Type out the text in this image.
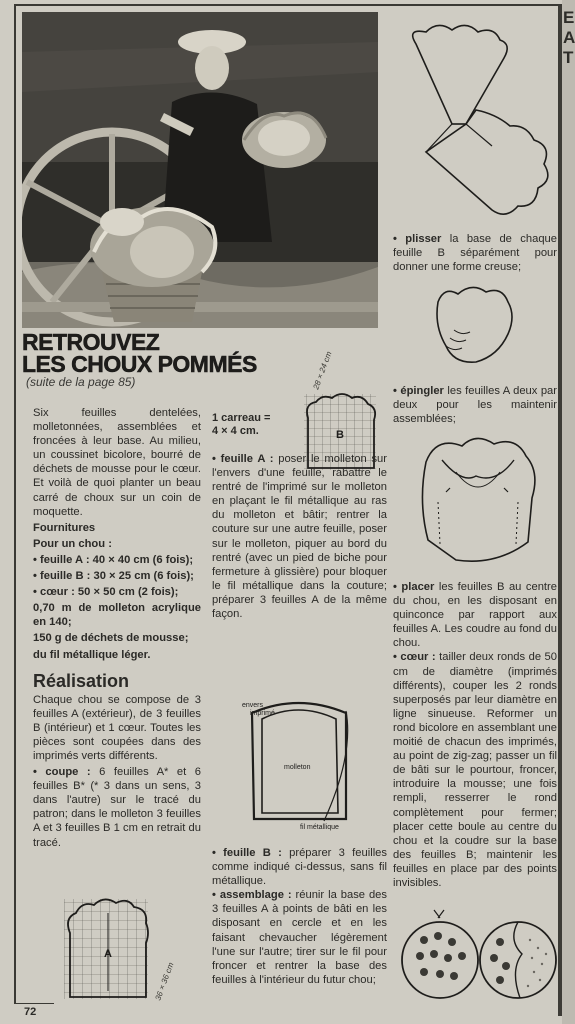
E
A
T
RETROUVEZ
LES CHOUX POMMÉS
(suite de la page 85)

Six feuilles dentelées, molletonnées, assemblées et froncées à leur base. Au milieu, un coussinet bicolore, bourré de déchets de mousse pour le cœur. Et voilà de quoi planter un beau carré de choux sur un coin de moquette.

Fournitures

Pour un chou :

• feuille A : 40 × 40 cm (6 fois);

• feuille B : 30 × 25 cm (6 fois);

• cœur : 50 × 50 cm (2 fois);

0,70 m de molleton acrylique en 140;

150 g de déchets de mousse;

du fil métallique léger.

Réalisation

Chaque chou se compose de 3 feuilles A (extérieur), de 3 feuilles B (intérieur) et 1 cœur. Toutes les pièces sont coupées dans des imprimés verts différents.

• coupe : 6 feuilles A* et 6 feuilles B* (* 3 dans un sens, 3 dans l'autre) sur le tracé du patron; dans le molleton 3 feuilles A et 3 feuilles B 1 cm en retrait du tracé.

A
36 × 36 cm
B
28 × 24 cm
1 carreau =
4 × 4 cm.

• feuille A : poser le molleton sur l'envers d'une feuille, rabattre le rentré de l'imprimé sur le molleton en plaçant le fil métallique au ras du molleton et bâtir; rentrer la couture sur une autre feuille, poser sur le molleton, piquer au bord du rentré (avec un pied de biche pour fermeture à glissière) pour bloquer le fil métallique dans la couture; préparer 3 feuilles A de la même façon.

envers
imprimé
molleton
fil métallique

• feuille B : préparer 3 feuilles comme indiqué ci-dessus, sans fil métallique.

• assemblage : réunir la base des 3 feuilles A à points de bâti en les disposant en cercle et en les faisant chevaucher légèrement l'une sur l'autre; tirer sur le fil pour froncer et rentrer la base des feuilles à l'intérieur du futur chou;

• plisser la base de chaque feuille B séparément pour donner une forme creuse;

• épingler les feuilles A deux par deux pour les maintenir assemblées;

• placer les feuilles B au centre du chou, en les disposant en quinconce par rapport aux feuilles A. Les coudre au fond du chou.

• cœur : tailler deux ronds de 50 cm de diamètre (imprimés différents), couper les 2 ronds superposés par leur diamètre en ligne sinueuse. Reformer un rond bicolore en assemblant une moitié de chacun des imprimés, au point de zig-zag; passer un fil de bâti sur le pourtour, froncer, introduire la mousse; une fois rempli, resserrer le rond complètement pour fermer; placer cette boule au centre du chou et la coudre sur la base des feuilles B; maintenir les feuilles en place par des points invisibles.

72
